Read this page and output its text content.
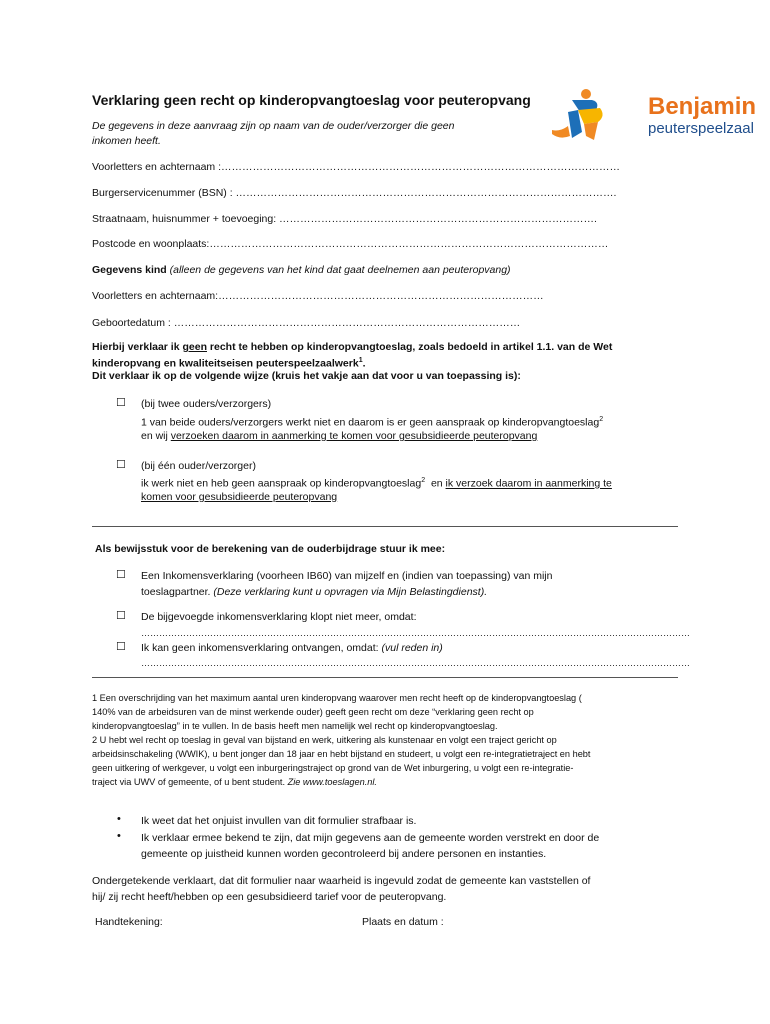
Benjamin
peuterspeelzaal
Verklaring geen recht op kinderopvangtoeslag voor peuteropvang
De gegevens in deze aanvraag zijn op naam van de ouder/verzorger die geen
inkomen heeft.
Voorletters en achternaam :……………………………………………………………………………………………………
Burgerservicenummer (BSN) : ……………………………………………………………………………………………….
Straatnaam, huisnummer + toevoeging: ……………………………………………………………………………….
Postcode en woonplaats:……………………………………………………………………………………………………
Gegevens kind (alleen de gegevens van het kind dat gaat deelnemen aan peuteropvang)
Voorletters en achternaam:…………………………………………………………………………………
Geboortedatum : ………………………………………………………………………………………
Hierbij verklaar ik geen recht te hebben op kinderopvangtoeslag, zoals bedoeld in artikel 1.1. van de Wet
kinderopvang en kwaliteitseisen peuterspeelzaalwerk$^1$.
Dit verklaar ik op de volgende wijze (kruis het vakje aan dat voor u van toepassing is):
☐ (bij twee ouders/verzorgers)
1 van beide ouders/verzorgers werkt niet en daarom is er geen aanspraak op kinderopvangtoeslag$^2$
en wij verzoeken daarom in aanmerking te komen voor gesubsidieerde peuteropvang
☐ (bij één ouder/verzorger)
ik werk niet en heb geen aanspraak op kinderopvangtoeslag$^2$  en ik verzoek daarom in aanmerking te
komen voor gesubsidieerde peuteropvang
Als bewijsstuk voor de berekening van de ouderbijdrage stuur ik mee:
☐ Een Inkomensverklaring (voorheen IB60) van mijzelf en (indien van toepassing) van mijn
toeslagpartner. (Deze verklaring kunt u opvragen via Mijn Belastingdienst).
☐ De bijgevoegde inkomensverklaring klopt niet meer, omdat:
…………………………………………………………………………………………………………………………………………………………………
☐ Ik kan geen inkomensverklaring ontvangen, omdat: (vul reden in)
…………………………………………………………………………………………………………………………………………………………………
1 Een overschrijding van het maximum aantal uren kinderopvang waarover men recht heeft op de kinderopvangtoeslag (
140% van de arbeidsuren van de minst werkende ouder) geeft geen recht om deze “verklaring geen recht op
kinderopvangtoeslag” in te vullen. In de basis heeft men namelijk wel recht op kinderopvangtoeslag.
2 U hebt wel recht op toeslag in geval van bijstand en werk, uitkering als kunstenaar en volgt een traject gericht op
arbeidsinschakeling (WWIK), u bent jonger dan 18 jaar en hebt bijstand en studeert, u volgt een re-integratietraject en hebt
geen uitkering of werkgever, u volgt een inburgeringstraject op grond van de Wet inburgering, u volgt een re-integratie-
traject via UWV of gemeente, of u bent student. Zie www.toeslagen.nl.
• Ik weet dat het onjuist invullen van dit formulier strafbaar is.
• Ik verklaar ermee bekend te zijn, dat mijn gegevens aan de gemeente worden verstrekt en door de
gemeente op juistheid kunnen worden gecontroleerd bij andere personen en instanties.
Ondergetekende verklaart, dat dit formulier naar waarheid is ingevuld zodat de gemeente kan vaststellen of
hij/ zij recht heeft/hebben op een gesubsidieerd tarief voor de peuteropvang.
Handtekening:	Plaats en datum :
